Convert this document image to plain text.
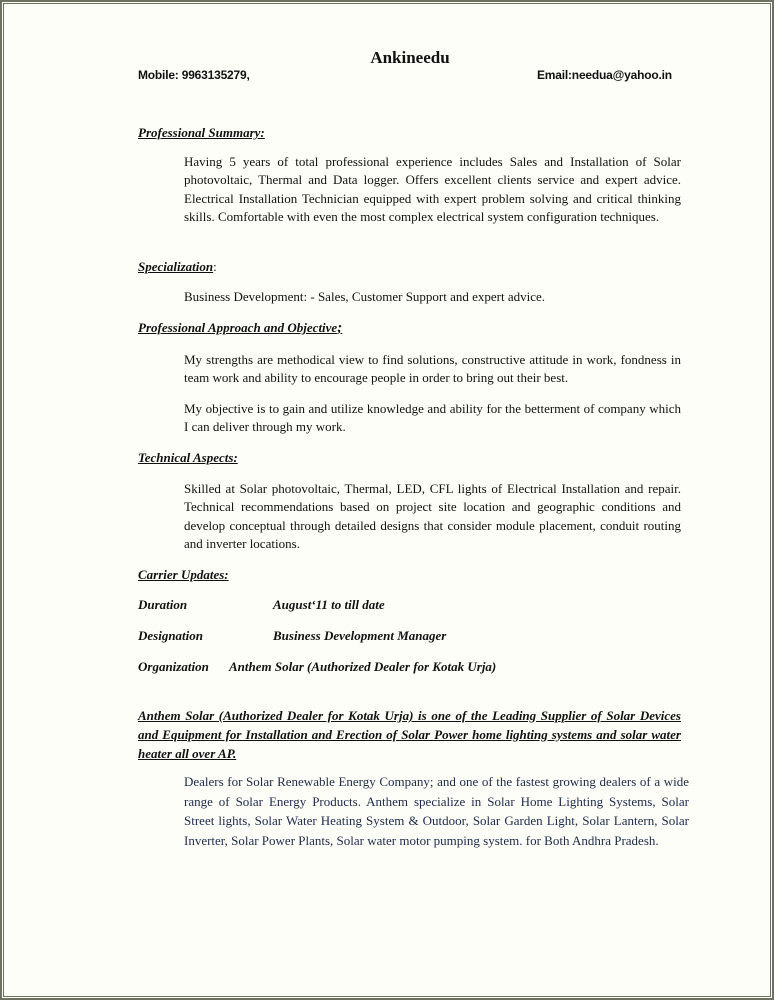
Ankineedu
Mobile: 9963135279,	Email:needua@yahoo.in
Professional Summary:
Having 5 years of total professional experience includes Sales and Installation of Solar photovoltaic, Thermal and Data logger. Offers excellent clients service and expert advice. Electrical Installation Technician equipped with expert problem solving and critical thinking skills. Comfortable with even the most complex electrical system configuration techniques.
Specialization:
Business Development: - Sales, Customer Support and expert advice.
Professional Approach and Objective;
My strengths are methodical view to find solutions, constructive attitude in work, fondness in team work and ability to encourage people in order to bring out their best.
My objective is to gain and utilize knowledge and ability for the betterment of company which I can deliver through my work.
Technical Aspects:
Skilled at Solar photovoltaic, Thermal, LED, CFL lights of Electrical Installation and repair. Technical recommendations based on project site location and geographic conditions and develop conceptual through detailed designs that consider module placement, conduit routing and inverter locations.
Carrier Updates:
Duration	August‘11 to till date
Designation	Business Development Manager
Organization Anthem Solar (Authorized Dealer for Kotak Urja)
Anthem Solar (Authorized Dealer for Kotak Urja) is one of the Leading Supplier of Solar Devices and Equipment for Installation and Erection of Solar Power home lighting systems and solar water heater all over AP.
Dealers for Solar Renewable Energy Company; and one of the fastest growing dealers of a wide range of Solar Energy Products. Anthem specialize in Solar Home Lighting Systems, Solar Street lights, Solar Water Heating System & Outdoor, Solar Garden Light, Solar Lantern, Solar Inverter, Solar Power Plants, Solar water motor pumping system. for Both Andhra Pradesh.
